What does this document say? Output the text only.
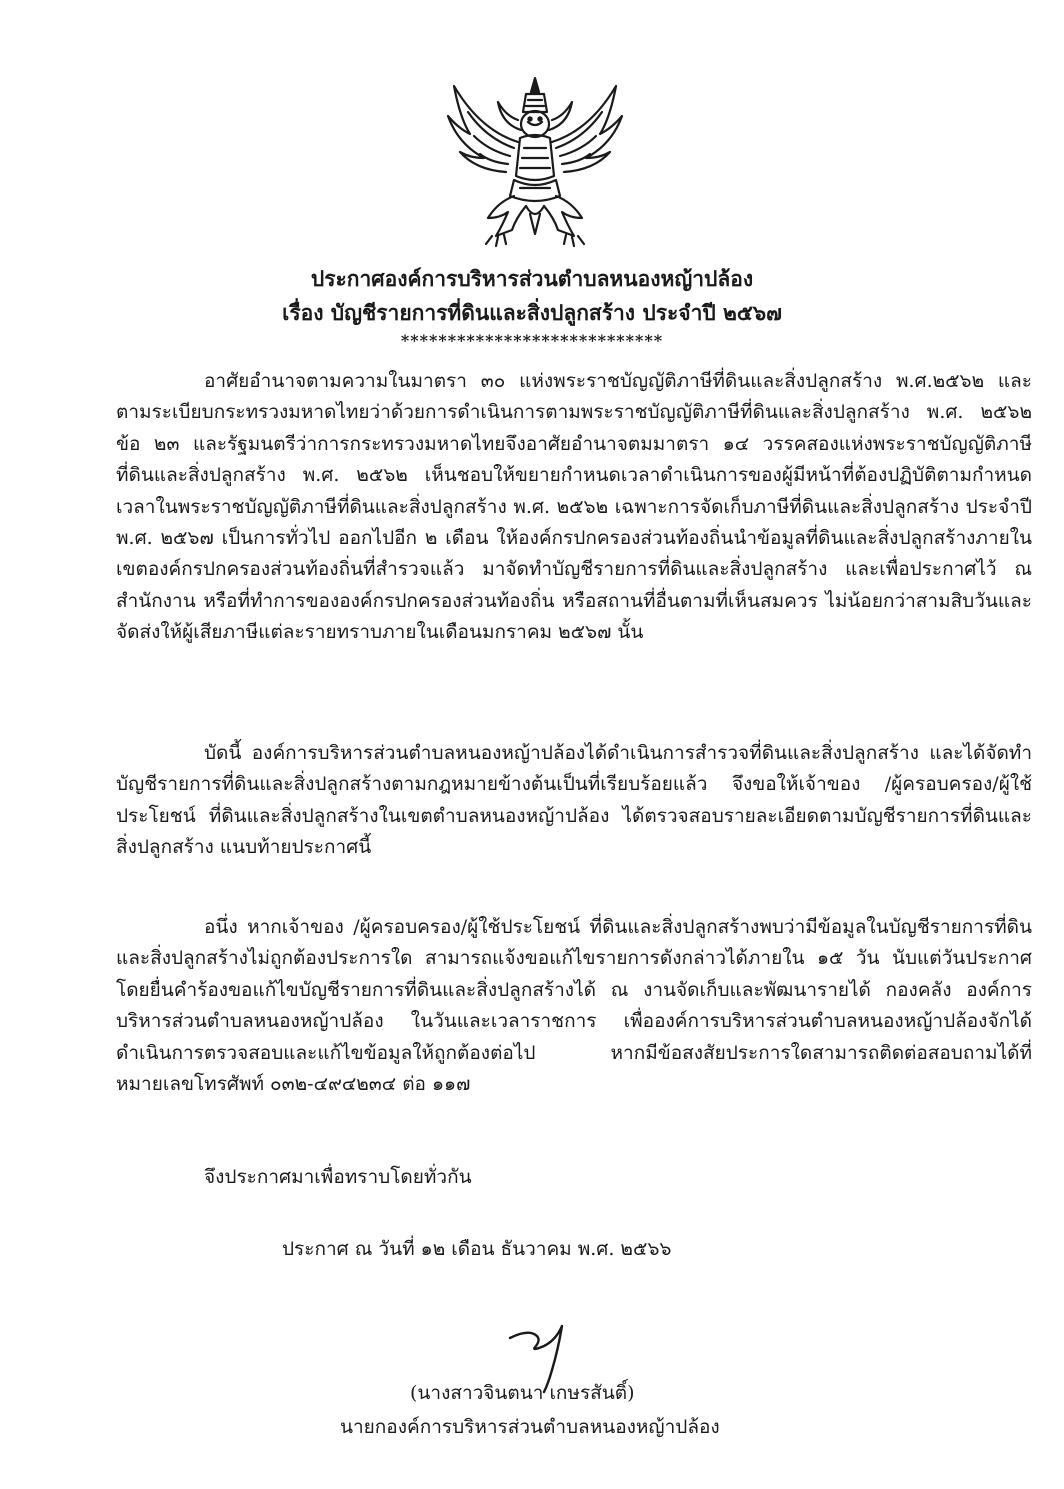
ประกาศองค์การบริหารส่วนตำบลหนองหญ้าปล้อง
เรื่อง บัญชีรายการที่ดินและสิ่งปลูกสร้าง ประจำปี ๒๕๖๗
****************************
อาศัยอำนาจตามความในมาตรา ๓๐ แห่งพระราชบัญญัติภาษีที่ดินและสิ่งปลูกสร้าง พ.ศ.๒๕๖๒ และตามระเบียบกระทรวงมหาดไทยว่าด้วยการดำเนินการตามพระราชบัญญัติภาษีที่ดินและสิ่งปลูกสร้าง พ.ศ. ๒๕๖๒ ข้อ ๒๓ และรัฐมนตรีว่าการกระทรวงมหาดไทยจึงอาศัยอำนาจตมมาตรา ๑๔ วรรคสองแห่งพระราชบัญญัติภาษีที่ดินและสิ่งปลูกสร้าง พ.ศ. ๒๕๖๒ เห็นชอบให้ขยายกำหนดเวลาดำเนินการของผู้มีหน้าที่ต้องปฏิบัติตามกำหนดเวลาในพระราชบัญญัติภาษีที่ดินและสิ่งปลูกสร้าง พ.ศ. ๒๕๖๒ เฉพาะการจัดเก็บภาษีที่ดินและสิ่งปลูกสร้าง ประจำปี พ.ศ. ๒๕๖๗ เป็นการทั่วไป ออกไปอีก ๒ เดือน ให้องค์กรปกครองส่วนท้องถิ่นนำข้อมูลที่ดินและสิ่งปลูกสร้างภายในเขตองค์กรปกครองส่วนท้องถิ่นที่สำรวจแล้ว มาจัดทำบัญชีรายการที่ดินและสิ่งปลูกสร้าง และเพื่อประกาศไว้ ณ สำนักงาน หรือที่ทำการขององค์กรปกครองส่วนท้องถิ่น หรือสถานที่อื่นตามที่เห็นสมควร ไม่น้อยกว่าสามสิบวันและจัดส่งให้ผู้เสียภาษีแต่ละรายทราบภายในเดือนมกราคม ๒๕๖๗ นั้น
บัดนี้ องค์การบริหารส่วนตำบลหนองหญ้าปล้องได้ดำเนินการสำรวจที่ดินและสิ่งปลูกสร้าง และได้จัดทำบัญชีรายการที่ดินและสิ่งปลูกสร้างตามกฎหมายข้างต้นเป็นที่เรียบร้อยแล้ว จึงขอให้เจ้าของ /ผู้ครอบครอง/ผู้ใช้ประโยชน์ ที่ดินและสิ่งปลูกสร้างในเขตตำบลหนองหญ้าปล้อง ได้ตรวจสอบรายละเอียดตามบัญชีรายการที่ดินและสิ่งปลูกสร้าง แนบท้ายประกาศนี้
อนึ่ง หากเจ้าของ /ผู้ครอบครอง/ผู้ใช้ประโยชน์ ที่ดินและสิ่งปลูกสร้างพบว่ามีข้อมูลในบัญชีรายการที่ดินและสิ่งปลูกสร้างไม่ถูกต้องประการใด สามารถแจ้งขอแก้ไขรายการดังกล่าวได้ภายใน ๑๕ วัน นับแต่วันประกาศ โดยยื่นคำร้องขอแก้ไขบัญชีรายการที่ดินและสิ่งปลูกสร้างได้ ณ งานจัดเก็บและพัฒนารายได้ กองคลัง องค์การบริหารส่วนตำบลหนองหญ้าปล้อง ในวันและเวลาราชการ เพื่อองค์การบริหารส่วนตำบลหนองหญ้าปล้องจักได้ดำเนินการตรวจสอบและแก้ไขข้อมูลให้ถูกต้องต่อไป หากมีข้อสงสัยประการใดสามารถติดต่อสอบถามได้ที่ หมายเลขโทรศัพท์ ๐๓๒-๔๙๔๒๓๔ ต่อ ๑๑๗
จึงประกาศมาเพื่อทราบโดยทั่วกัน
ประกาศ ณ วันที่ ๑๒ เดือน ธันวาคม พ.ศ. ๒๕๖๖
(นางสาวจินตนา เกษรสันติ์)
นายกองค์การบริหารส่วนตำบลหนองหญ้าปล้อง
